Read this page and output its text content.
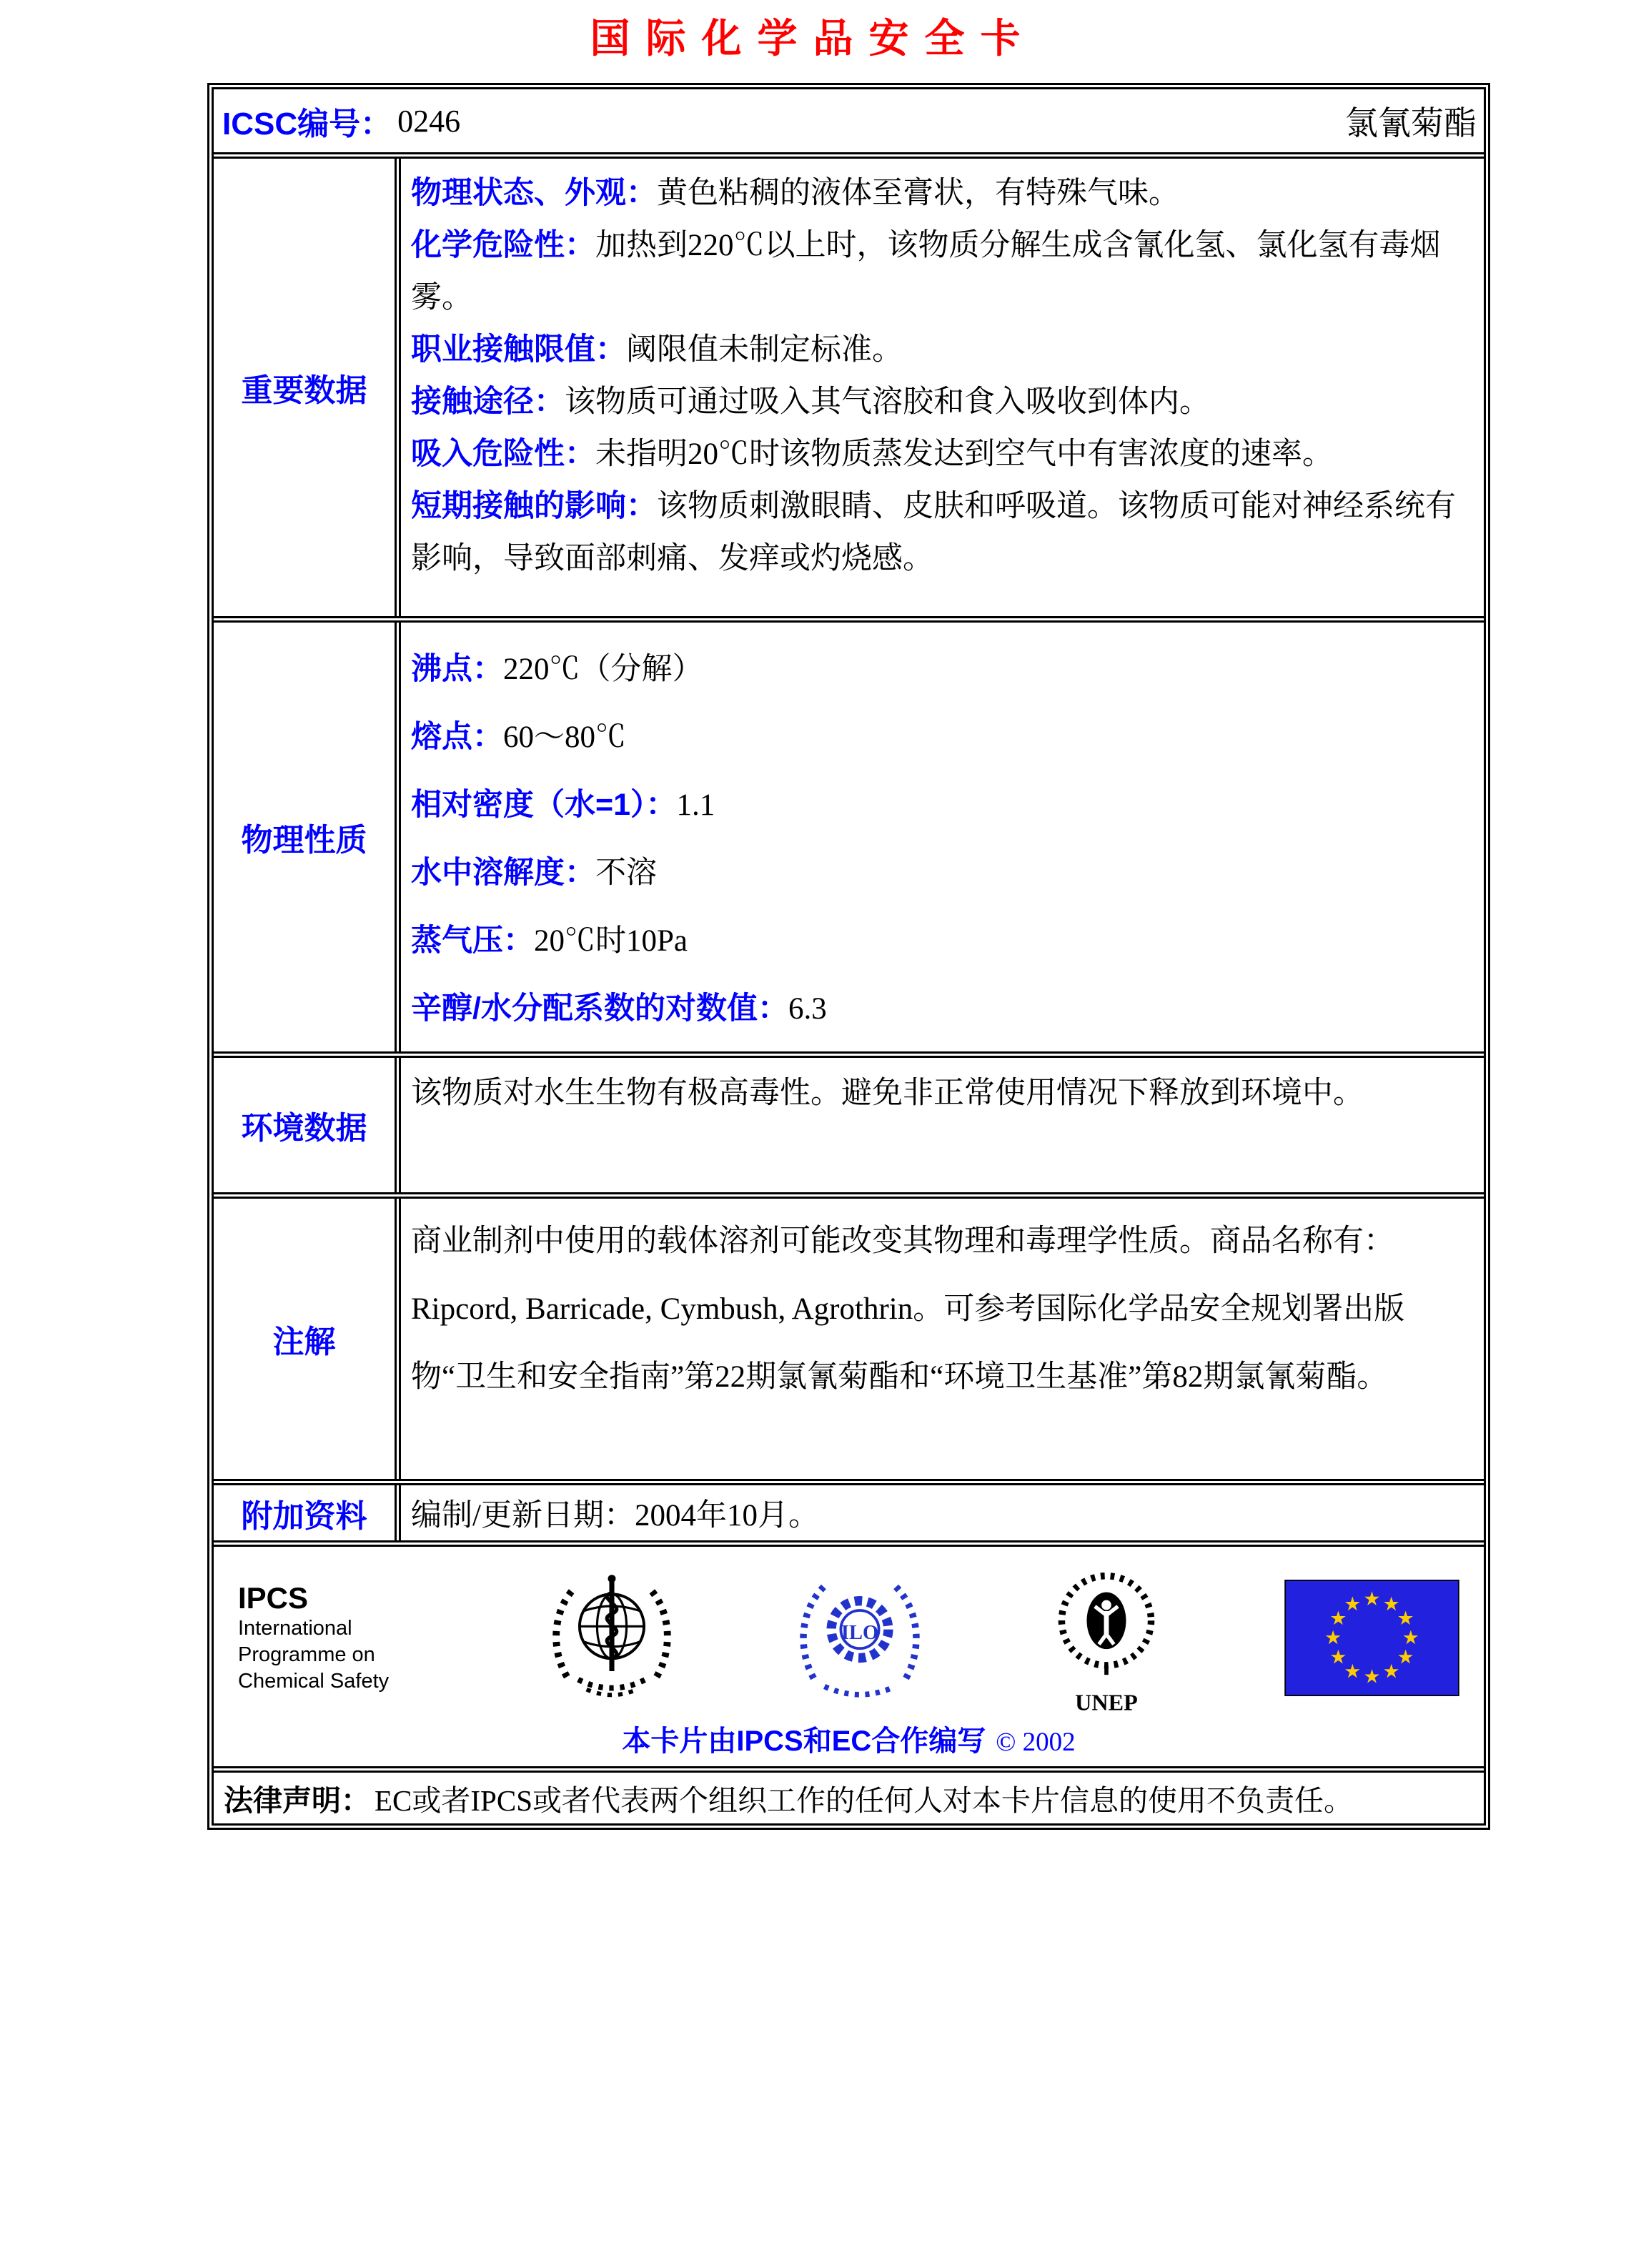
国际化学品安全卡
ICSC编号： 0246	氯氰菊酯
重要数据
物理状态、外观：黄色粘稠的液体至膏状，有特殊气味。
化学危险性：加热到220℃以上时，该物质分解生成含氰化氢、氯化氢有毒烟雾。
职业接触限值：阈限值未制定标准。
接触途径：该物质可通过吸入其气溶胶和食入吸收到体内。
吸入危险性：未指明20℃时该物质蒸发达到空气中有害浓度的速率。
短期接触的影响：该物质刺激眼睛、皮肤和呼吸道。该物质可能对神经系统有影响，导致面部刺痛、发痒或灼烧感。
物理性质
沸点：220℃（分解）
熔点：60～80℃
相对密度（水=1）：1.1
水中溶解度：不溶
蒸气压：20℃时10Pa
辛醇/水分配系数的对数值：6.3
环境数据
该物质对水生生物有极高毒性。避免非正常使用情况下释放到环境中。
注解
商业制剂中使用的载体溶剂可能改变其物理和毒理学性质。商品名称有：Ripcord, Barricade, Cymbush, Agrothrin。可参考国际化学品安全规划署出版物“卫生和安全指南”第22期氯氰菊酯和“环境卫生基准”第82期氯氰菊酯。
附加资料 编制/更新日期：2004年10月。
IPCS
International
Programme on
Chemical Safety
ILO
UNEP
本卡片由IPCS和EC合作编写 © 2002
法律声明： EC或者IPCS或者代表两个组织工作的任何人对本卡片信息的使用不负责任。
